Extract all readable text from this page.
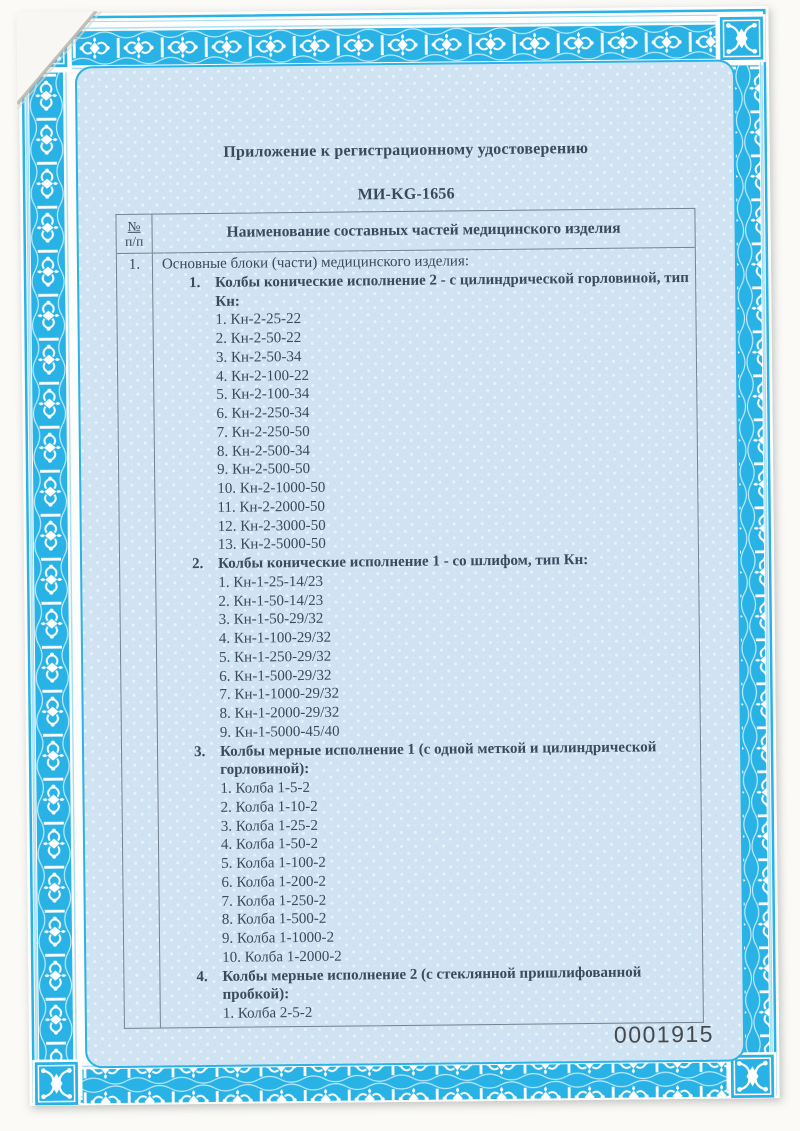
Приложение к регистрационному удостоверению
МИ-KG-1656
№
п/п
Наименование составных частей медицинского изделия
1.	Основные блоки (части) медицинского изделия:
1. Колбы конические исполнение 2 - с цилиндрической горловиной, тип Кн:
1. Кн-2-25-22
2. Кн-2-50-22
3. Кн-2-50-34
4. Кн-2-100-22
5. Кн-2-100-34
6. Кн-2-250-34
7. Кн-2-250-50
8. Кн-2-500-34
9. Кн-2-500-50
10. Кн-2-1000-50
11. Кн-2-2000-50
12. Кн-2-3000-50
13. Кн-2-5000-50
2. Колбы конические исполнение 1 - со шлифом, тип Кн:
1. Кн-1-25-14/23
2. Кн-1-50-14/23
3. Кн-1-50-29/32
4. Кн-1-100-29/32
5. Кн-1-250-29/32
6. Кн-1-500-29/32
7. Кн-1-1000-29/32
8. Кн-1-2000-29/32
9. Кн-1-5000-45/40
3. Колбы мерные исполнение 1 (с одной меткой и цилиндрической горловиной):
1. Колба 1-5-2
2. Колба 1-10-2
3. Колба 1-25-2
4. Колба 1-50-2
5. Колба 1-100-2
6. Колба 1-200-2
7. Колба 1-250-2
8. Колба 1-500-2
9. Колба 1-1000-2
10. Колба 1-2000-2
4. Колбы мерные исполнение 2 (с стеклянной пришлифованной пробкой):
1. Колба 2-5-2
0001915
